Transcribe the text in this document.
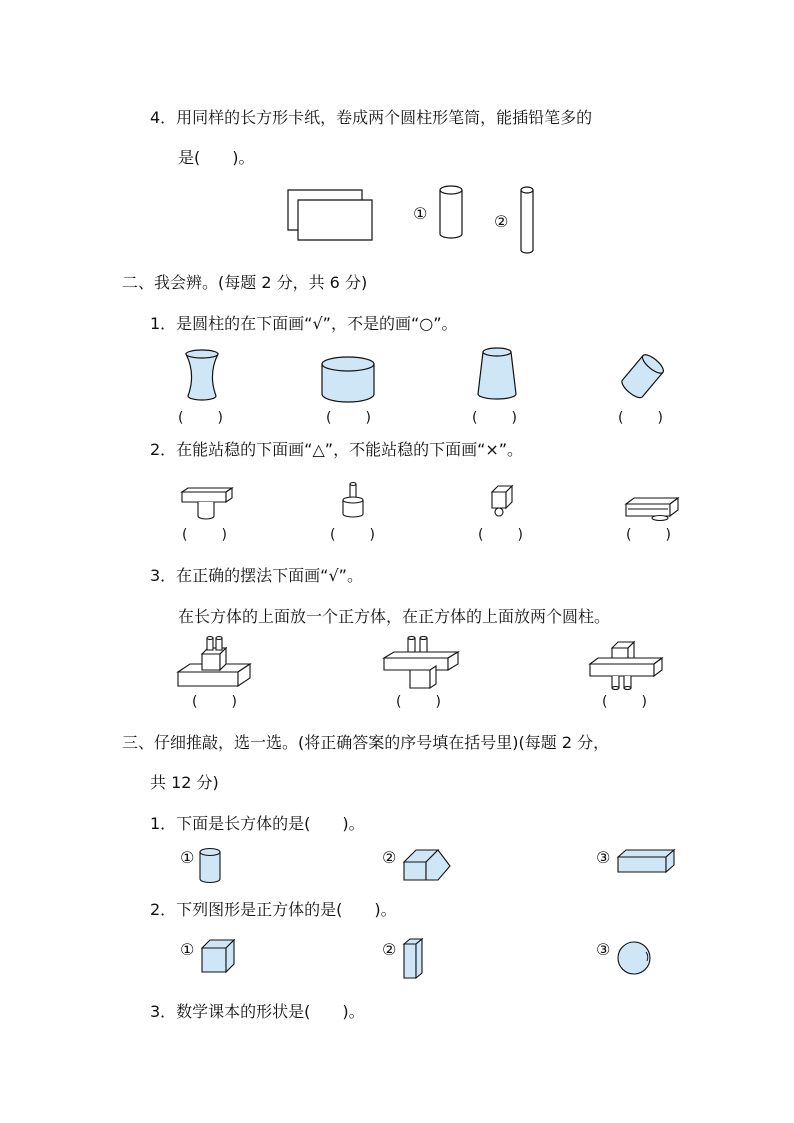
4．用同样的长方形卡纸，卷成两个圆柱形笔筒，能插铅笔多的
是(　　)。
①	②
二、我会辨。(每题 2 分，共 6 分)
1．是圆柱的在下面画“√”，不是的画“○”。
(　　)	(　　)	(　　)	(　　)
2．在能站稳的下面画“△”，不能站稳的下面画“×”。
(　　)	(　　)	(　　)	(　　)
3．在正确的摆法下面画“√”。
在长方体的上面放一个正方体，在正方体的上面放两个圆柱。
(　　)	(　　)	(　　)
三、仔细推敲，选一选。(将正确答案的序号填在括号里)(每题 2 分，
共 12 分)
1．下面是长方体的是(　　)。
①	②	③
2．下列图形是正方体的是(　　)。
①	②	③
3．数学课本的形状是(　　)。
